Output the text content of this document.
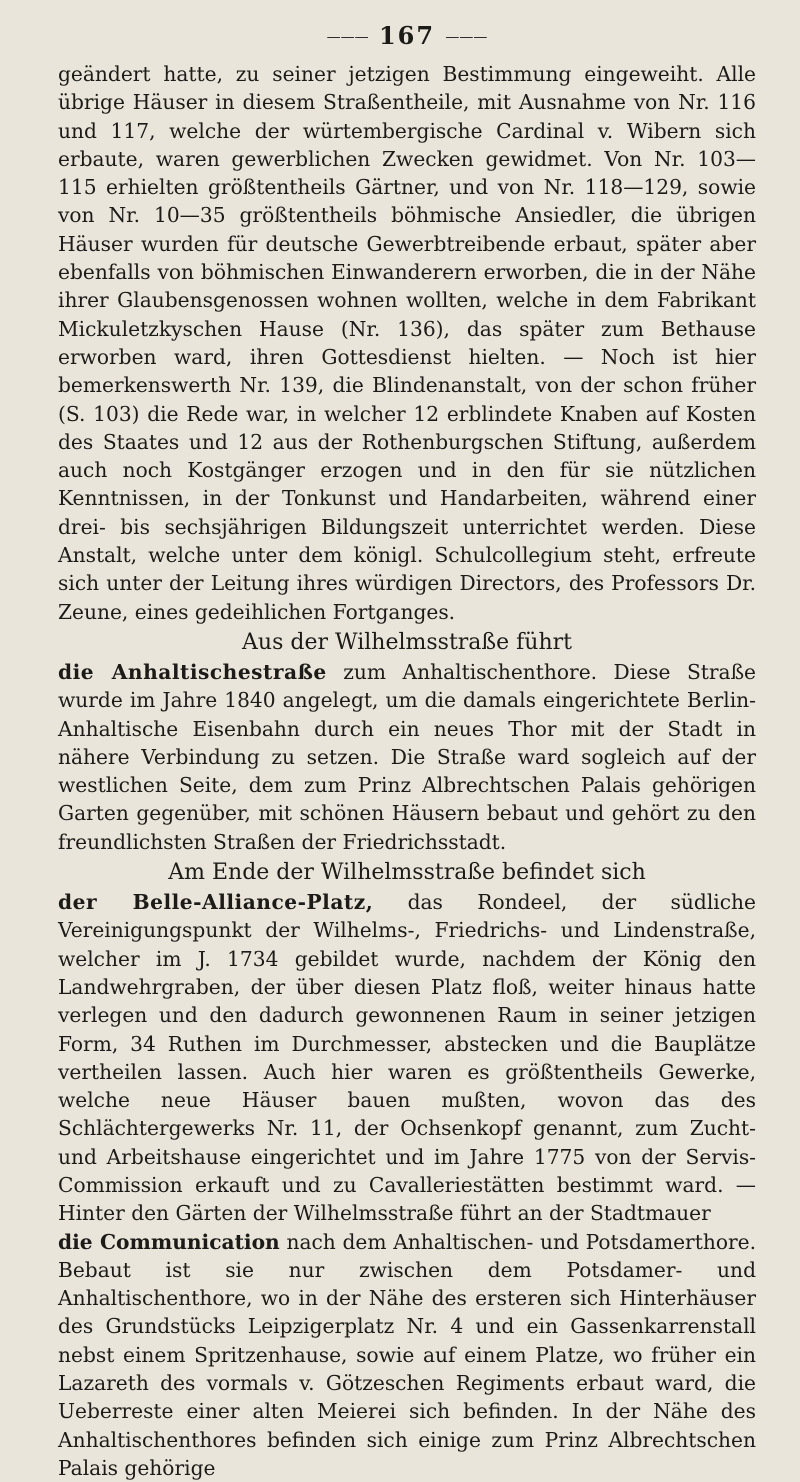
——— 167 ———

geändert hatte, zu seiner jetzigen Bestimmung eingeweiht. Alle übrige Häuser in diesem Straßentheile, mit Ausnahme von Nr. 116 und 117, welche der würtembergische Cardinal v. Wibern sich erbaute, waren gewerblichen Zwecken gewidmet. Von Nr. 103—115 erhielten größtentheils Gärtner, und von Nr. 118—129, sowie von Nr. 10—35 größtentheils böhmische Ansiedler, die übrigen Häuser wurden für deutsche Gewerbtreibende erbaut, später aber ebenfalls von böhmischen Einwanderern erworben, die in der Nähe ihrer Glaubensgenossen wohnen wollten, welche in dem Fabrikant Mickuletzkyschen Hause (Nr. 136), das später zum Bethause erworben ward, ihren Gottesdienst hielten. — Noch ist hier bemerkenswerth Nr. 139, die Blindenanstalt, von der schon früher (S. 103) die Rede war, in welcher 12 erblindete Knaben auf Kosten des Staates und 12 aus der Rothenburgschen Stiftung, außerdem auch noch Kostgänger erzogen und in den für sie nützlichen Kenntnissen, in der Tonkunst und Handarbeiten, während einer drei- bis sechsjährigen Bildungszeit unterrichtet werden. Diese Anstalt, welche unter dem königl. Schulcollegium steht, erfreute sich unter der Leitung ihres würdigen Directors, des Professors Dr. Zeune, eines gedeihlichen Fortganges.

Aus der Wilhelmsstraße führt

die Anhaltischestraße zum Anhaltischenthore. Diese Straße wurde im Jahre 1840 angelegt, um die damals eingerichtete Berlin-Anhaltische Eisenbahn durch ein neues Thor mit der Stadt in nähere Verbindung zu setzen. Die Straße ward sogleich auf der westlichen Seite, dem zum Prinz Albrechtschen Palais gehörigen Garten gegenüber, mit schönen Häusern bebaut und gehört zu den freundlichsten Straßen der Friedrichsstadt.

Am Ende der Wilhelmsstraße befindet sich

der Belle-Alliance-Platz, das Rondeel, der südliche Vereinigungspunkt der Wilhelms-, Friedrichs- und Lindenstraße, welcher im J. 1734 gebildet wurde, nachdem der König den Landwehrgraben, der über diesen Platz floß, weiter hinaus hatte verlegen und den dadurch gewonnenen Raum in seiner jetzigen Form, 34 Ruthen im Durchmesser, abstecken und die Bauplätze vertheilen lassen. Auch hier waren es größtentheils Gewerke, welche neue Häuser bauen mußten, wovon das des Schlächtergewerks Nr. 11, der Ochsenkopf genannt, zum Zucht- und Arbeitshause eingerichtet und im Jahre 1775 von der Servis-Commission erkauft und zu Cavalleriestätten bestimmt ward. — Hinter den Gärten der Wilhelmsstraße führt an der Stadtmauer

die Communication nach dem Anhaltischen- und Potsdamerthore. Bebaut ist sie nur zwischen dem Potsdamer- und Anhaltischenthore, wo in der Nähe des ersteren sich Hinterhäuser des Grundstücks Leipzigerplatz Nr. 4 und ein Gassenkarrenstall nebst einem Spritzenhause, sowie auf einem Platze, wo früher ein Lazareth des vormals v. Götzeschen Regiments erbaut ward, die Ueberreste einer alten Meierei sich befinden. In der Nähe des Anhaltischenthores befinden sich einige zum Prinz Albrechtschen Palais gehörige
